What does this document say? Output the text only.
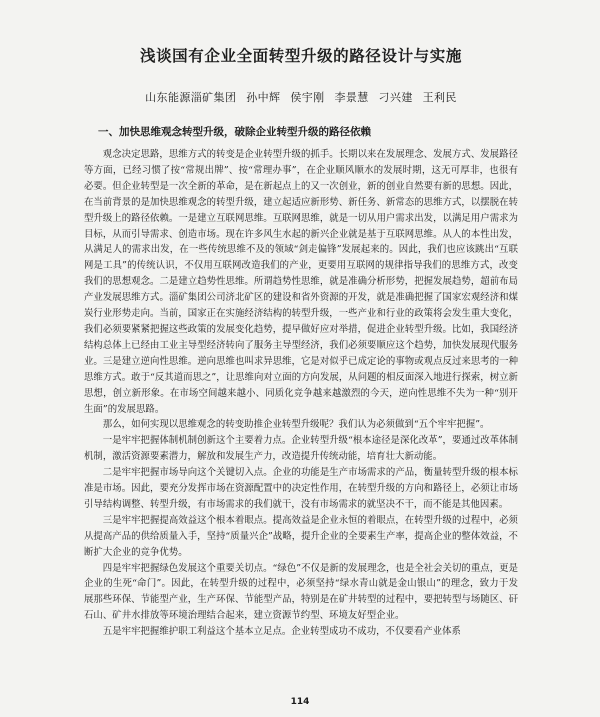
浅谈国有企业全面转型升级的路径设计与实施
山东能源淄矿集团 孙中辉 侯宇刚 李景慧 刁兴建 王利民
一、加快思维观念转型升级，破除企业转型升级的路径依赖

观念决定思路，思维方式的转变是企业转型升级的抓手。长期以来在发展理念、发展方式、发展路径等方面，已经习惯了按“常规出牌”、按“常理办事”，在企业顺风顺水的发展时期，这无可厚非，也很有必要。但企业转型是一次全新的革命，是在新起点上的又一次创业，新的创业自然要有新的思想。因此，在当前背景的是加快思维观念的转型升级，建立起适应新形势、新任务、新常态的思维方式，以摆脱在转型升级上的路径依赖。一是建立互联网思维。互联网思维，就是一切从用户需求出发，以满足用户需求为目标，从而引导需求、创造市场。现在许多风生水起的新兴企业就是基于互联网思维。从人的本性出发，从满足人的需求出发，在一些传统思维不及的领域“剑走偏锋”发展起来的。因此，我们也应该跳出“互联网是工具”的传统认识，不仅用互联网改造我们的产业，更要用互联网的规律指导我们的思维方式，改变我们的思想观念。二是建立趋势性思维。所谓趋势性思维，就是准确分析形势，把握发展趋势，超前布局产业发展思维方式。淄矿集团公司济北矿区的建设和省外资源的开发，就是准确把握了国家宏观经济和煤炭行业形势走向。当前，国家正在实施经济结构的转型升级，一些产业和行业的政策将会发生重大变化，我们必须要紧紧把握这些政策的发展变化趋势，提早做好应对举措，促进企业转型升级。比如，我国经济结构总体上已经由工业主导型经济转向了服务主导型经济，我们必须要顺应这个趋势，加快发展现代服务业。三是建立逆向性思维。逆向思维也叫求异思维，它是对似乎已成定论的事物或观点反过来思考的一种思维方式。敢于“反其道而思之”，让思维向对立面的方向发展，从问题的相反面深入地进行探索，树立新思想，创立新形象。在市场空间越来越小、同质化竞争越来越激烈的今天，逆向性思维不失为一种“别开生面”的发展思路。

那么，如何实现以思维观念的转变助推企业转型升级呢？我们认为必须做到“五个牢牢把握”。

一是牢牢把握体制机制创新这个主要着力点。企业转型升级“根本途径是深化改革”，要通过改革体制机制，激活资源要素潜力，解放和发展生产力，改造提升传统动能，培育壮大新动能。

二是牢牢把握市场导向这个关键切入点。企业的功能是生产市场需求的产品，衡量转型升级的根本标准是市场。因此，要充分发挥市场在资源配置中的决定性作用，在转型升级的方向和路径上，必须让市场引导结构调整、转型升级，有市场需求的我们就干，没有市场需求的就坚决不干，而不能是其他因素。

三是牢牢把握提高效益这个根本着眼点。提高效益是企业永恒的着眼点，在转型升级的过程中，必须从提高产品的供给质量入手，坚持“质量兴企”战略，提升企业的全要素生产率，提高企业的整体效益，不断扩大企业的竞争优势。

四是牢牢把握绿色发展这个重要关切点。“绿色”不仅是新的发展理念，也是全社会关切的重点，更是企业的生死“命门”。因此，在转型升级的过程中，必须坚持“绿水青山就是金山银山”的理念，致力于发展那些环保、节能型产业，生产环保、节能型产品，特别是在矿井转型的过程中，要把转型与场随区、矸石山、矿井水排放等环境治理结合起来，建立资源节约型、环境友好型企业。

五是牢牢把握维护职工利益这个基本立足点。企业转型成功不成功，不仅要看产业体系

114
